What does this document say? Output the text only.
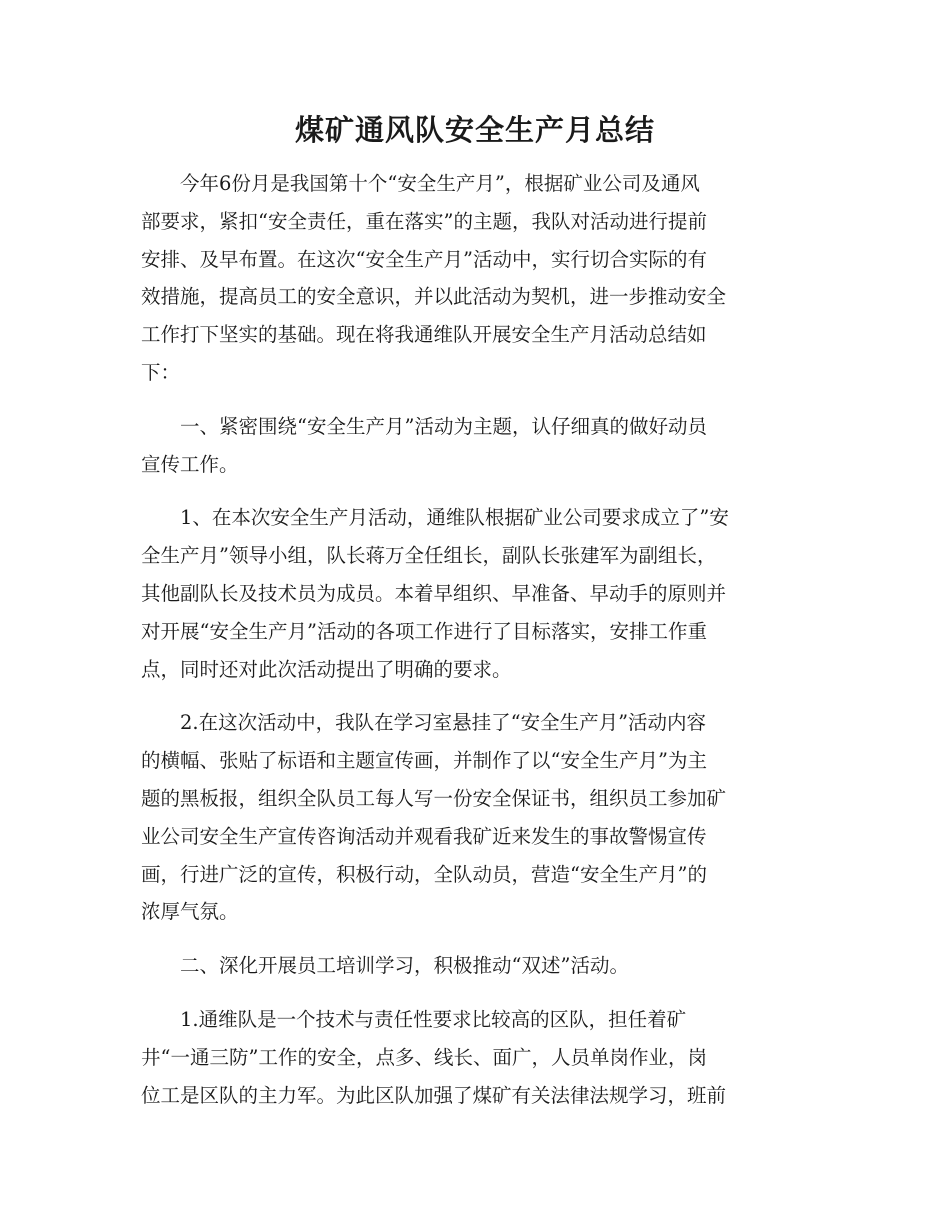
煤矿通风队安全生产月总结

今年6份月是我国第十个“安全生产月”，根据矿业公司及通风
部要求，紧扣“安全责任，重在落实”的主题，我队对活动进行提前
安排、及早布置。在这次“安全生产月”活动中，实行切合实际的有
效措施，提高员工的安全意识，并以此活动为契机，进一步推动安全
工作打下坚实的基础。现在将我通维队开展安全生产月活动总结如
下：

一、紧密围绕“安全生产月”活动为主题，认仔细真的做好动员
宣传工作。

1、在本次安全生产月活动，通维队根据矿业公司要求成立了”安
全生产月”领导小组，队长蒋万全任组长，副队长张建军为副组长，
其他副队长及技术员为成员。本着早组织、早准备、早动手的原则并
对开展“安全生产月”活动的各项工作进行了目标落实，安排工作重
点，同时还对此次活动提出了明确的要求。

2.在这次活动中，我队在学习室悬挂了“安全生产月”活动内容
的横幅、张贴了标语和主题宣传画，并制作了以“安全生产月”为主
题的黑板报，组织全队员工每人写一份安全保证书，组织员工参加矿
业公司安全生产宣传咨询活动并观看我矿近来发生的事故警惕宣传
画，行进广泛的宣传，积极行动，全队动员，营造“安全生产月”的
浓厚气氛。

二、深化开展员工培训学习，积极推动“双述”活动。

1.通维队是一个技术与责任性要求比较高的区队，担任着矿
井“一通三防”工作的安全，点多、线长、面广，人员单岗作业，岗
位工是区队的主力军。为此区队加强了煤矿有关法律法规学习，班前
